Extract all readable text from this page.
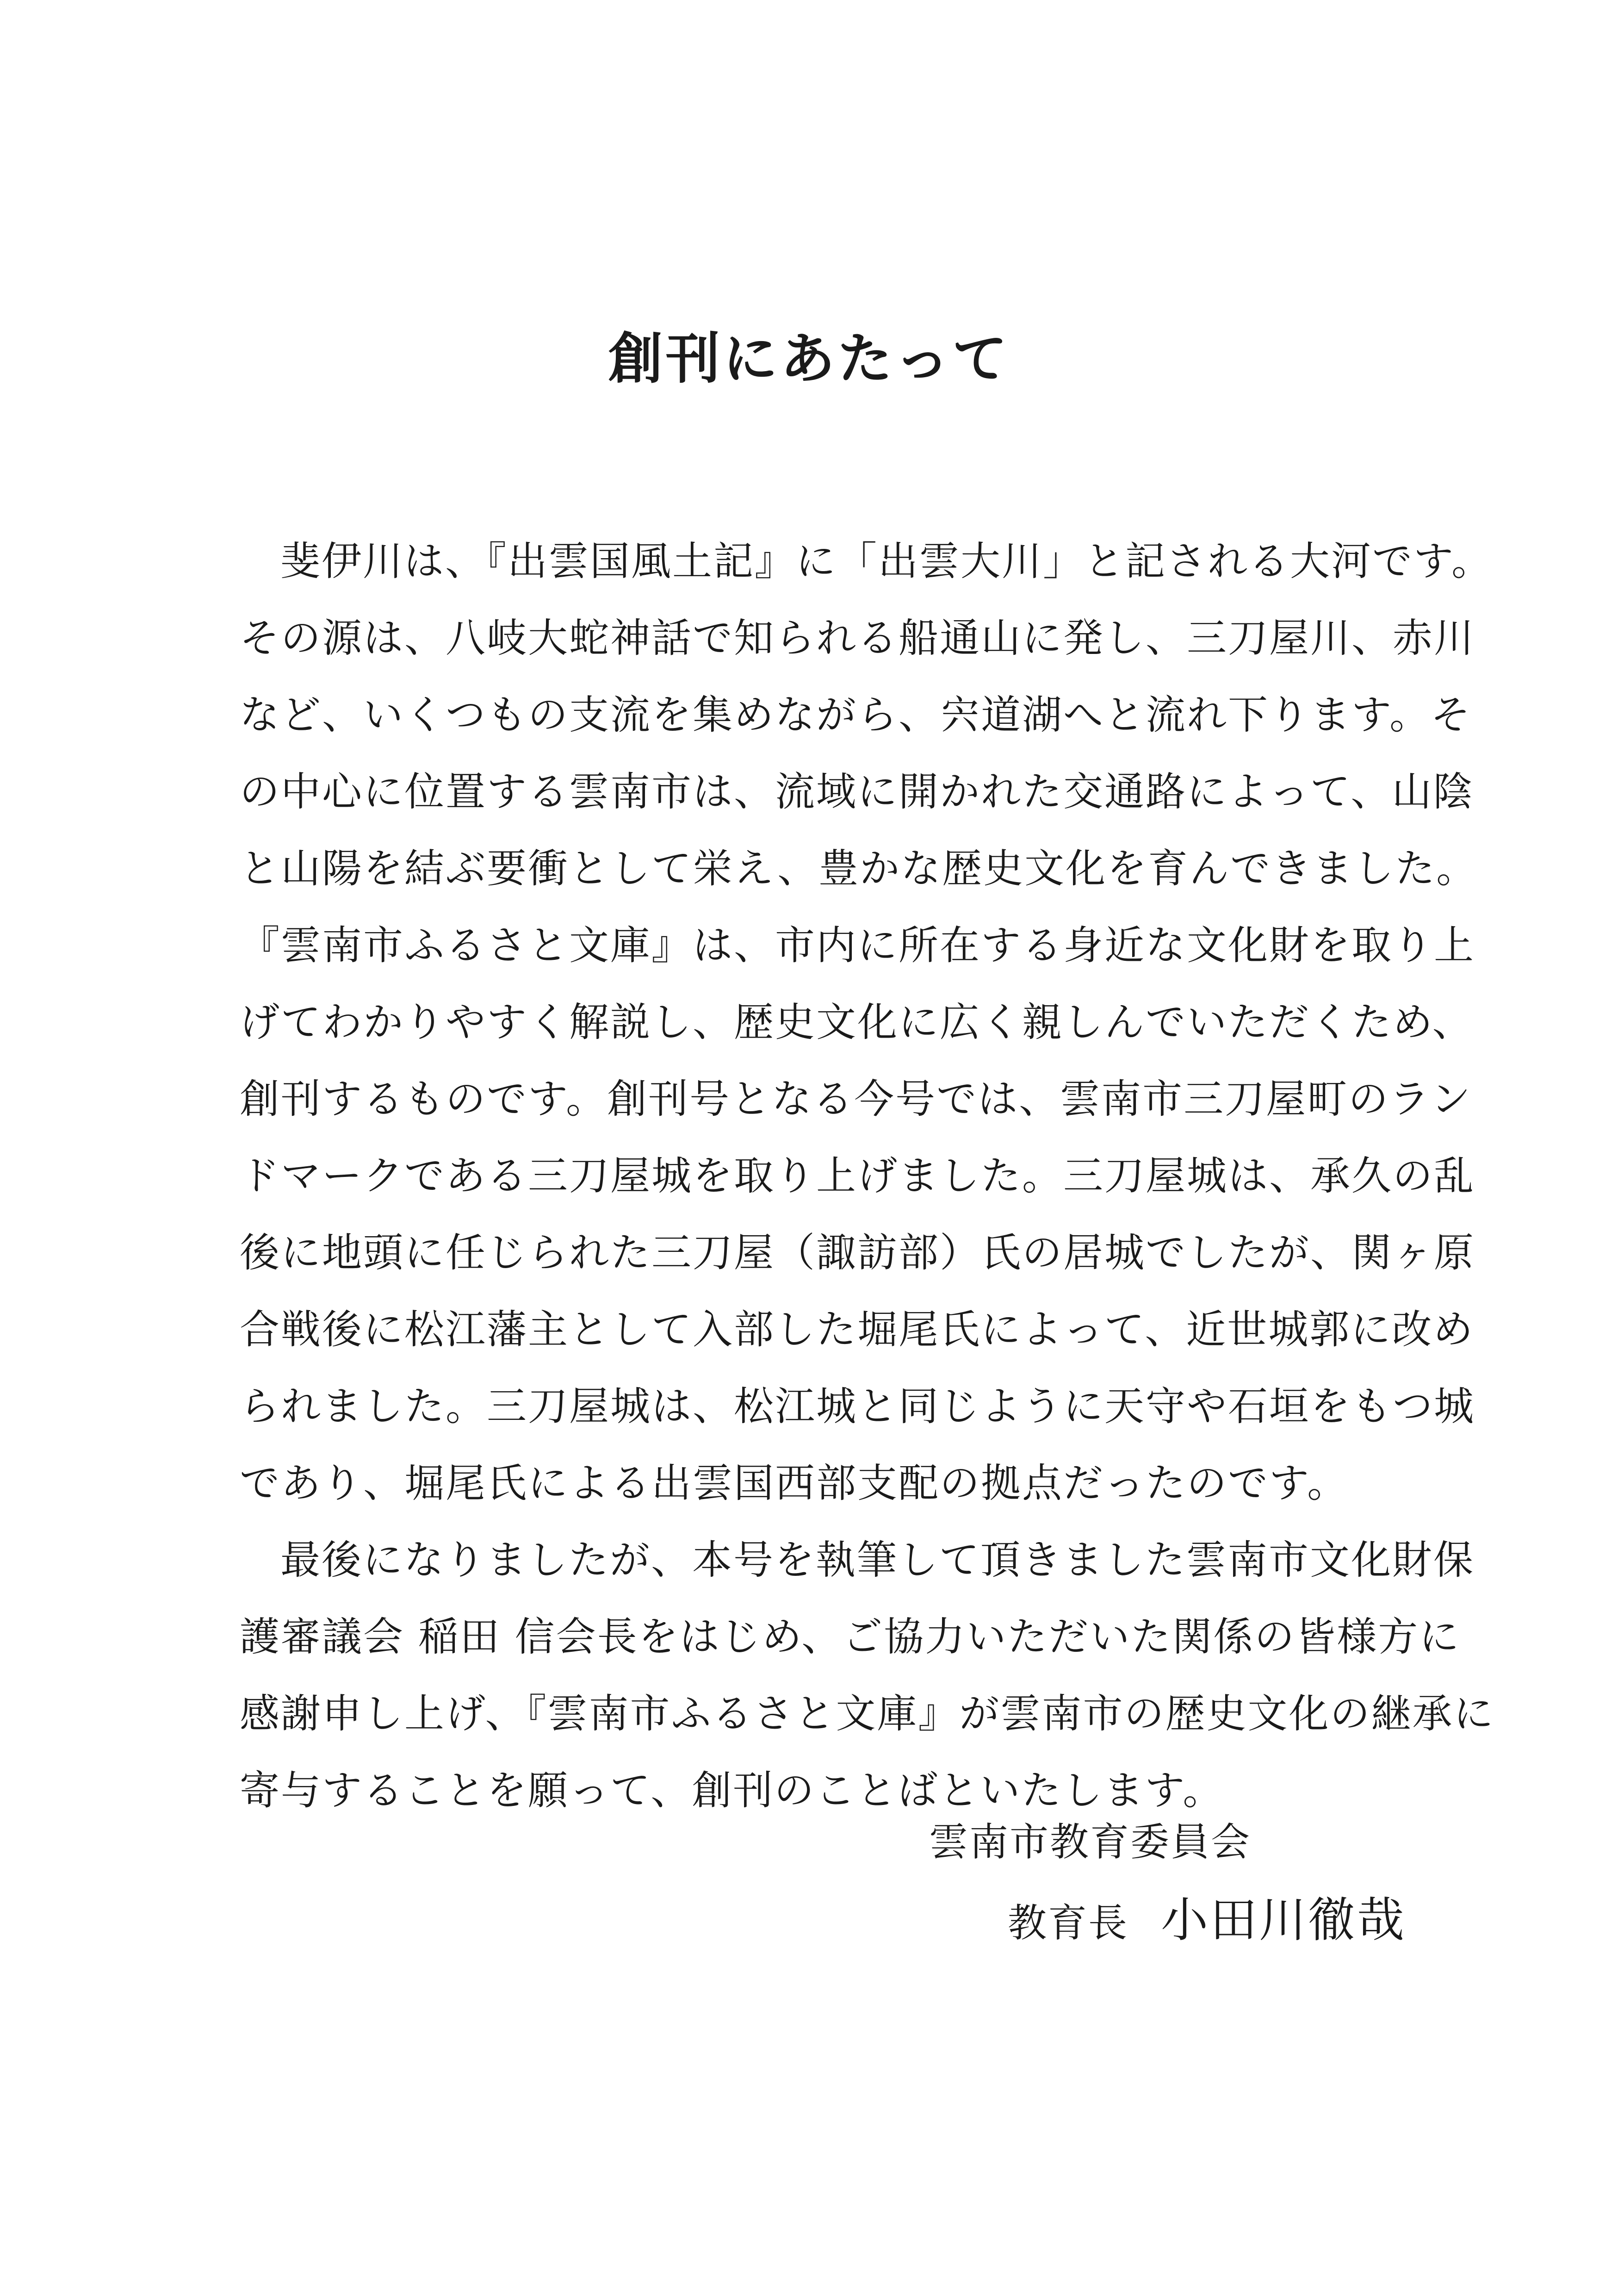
創刊にあたって
斐伊川は、『出雲国風土記』に「出雲大川」と記される大河です。
その源は、八岐大蛇神話で知られる船通山に発し、三刀屋川、赤川
など、いくつもの支流を集めながら、宍道湖へと流れ下ります。そ
の中心に位置する雲南市は、流域に開かれた交通路によって、山陰
と山陽を結ぶ要衝として栄え、豊かな歴史文化を育んできました。
『雲南市ふるさと文庫』は、市内に所在する身近な文化財を取り上
げてわかりやすく解説し、歴史文化に広く親しんでいただくため、
創刊するものです。創刊号となる今号では、雲南市三刀屋町のラン
ドマークである三刀屋城を取り上げました。三刀屋城は、承久の乱
後に地頭に任じられた三刀屋（諏訪部）氏の居城でしたが、関ヶ原
合戦後に松江藩主として入部した堀尾氏によって、近世城郭に改め
られました。三刀屋城は、松江城と同じように天守や石垣をもつ城
であり、堀尾氏による出雲国西部支配の拠点だったのです。
最後になりましたが、本号を執筆して頂きました雲南市文化財保
護審議会 稲田 信会長をはじめ、ご協力いただいた関係の皆様方に
感謝申し上げ、『雲南市ふるさと文庫』が雲南市の歴史文化の継承に
寄与することを願って、創刊のことばといたします。
雲南市教育委員会
教育長 小田川徹哉
